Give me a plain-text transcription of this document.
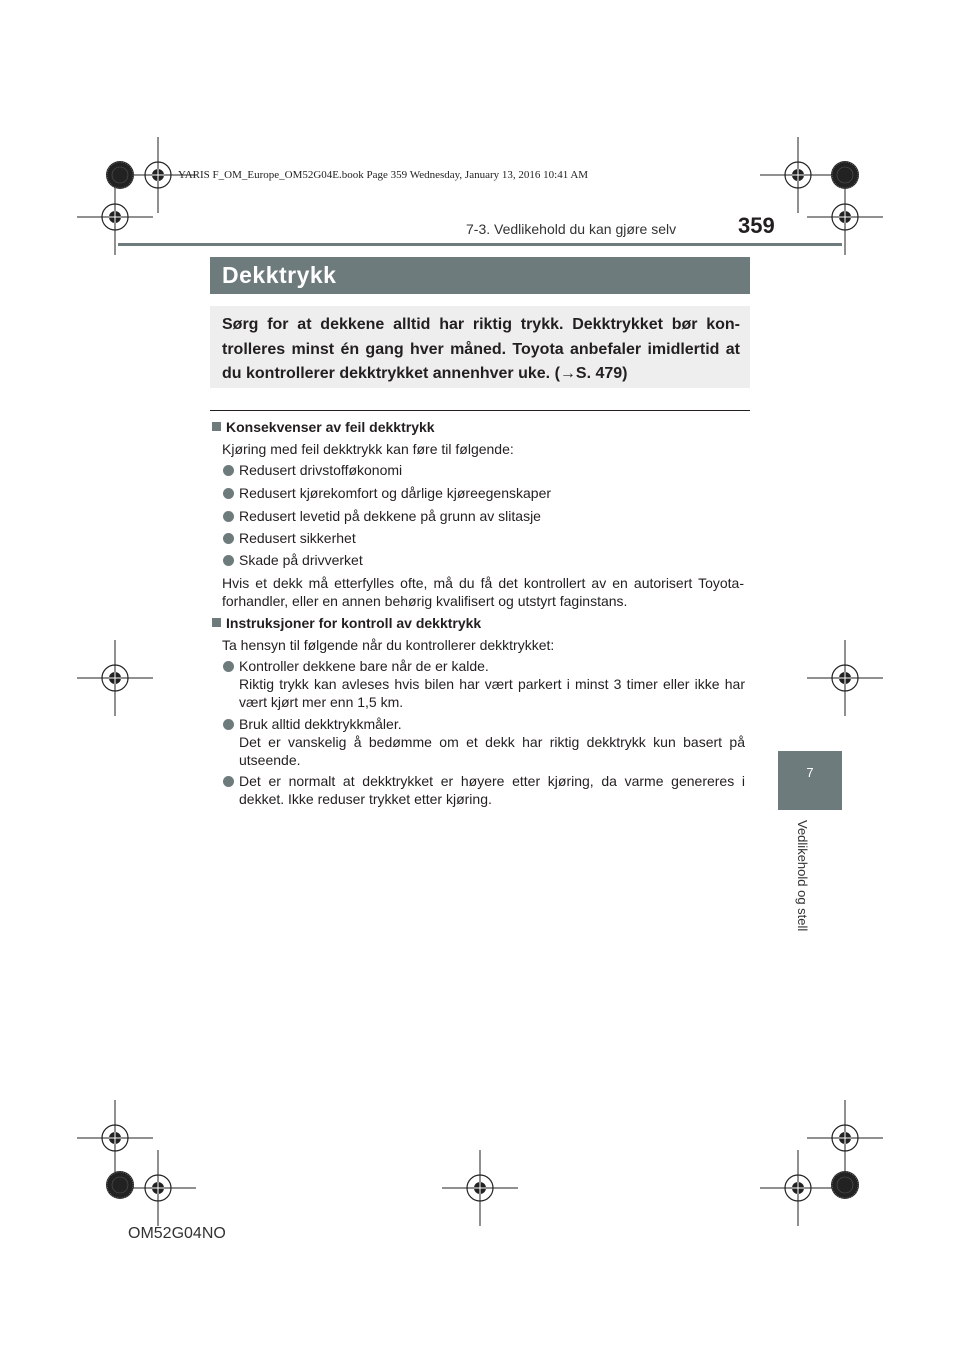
YARIS F_OM_Europe_OM52G04E.book Page 359 Wednesday, January 13, 2016 10:41 AM
7-3. Vedlikehold du kan gjøre selv	359
Dekktrykk
Sørg for at dekkene alltid har riktig trykk. Dekktrykket bør kon-trolleres minst én gang hver måned. Toyota anbefaler imidlertid at du kontrollerer dekktrykket annenhver uke. (→S. 479)
Konsekvenser av feil dekktrykk
Kjøring med feil dekktrykk kan føre til følgende:
Redusert drivstofføkonomi
Redusert kjørekomfort og dårlige kjøreegenskaper
Redusert levetid på dekkene på grunn av slitasje
Redusert sikkerhet
Skade på drivverket
Hvis et dekk må etterfylles ofte, må du få det kontrollert av en autorisert Toyota-forhandler, eller en annen behørig kvalifisert og utstyrt faginstans.
Instruksjoner for kontroll av dekktrykk
Ta hensyn til følgende når du kontrollerer dekktrykket:
Kontroller dekkene bare når de er kalde.
Riktig trykk kan avleses hvis bilen har vært parkert i minst 3 timer eller ikke har vært kjørt mer enn 1,5 km.
Bruk alltid dekktrykkmåler.
Det er vanskelig å bedømme om et dekk har riktig dekktrykk kun basert på utseende.
Det er normalt at dekktrykket er høyere etter kjøring, da varme genereres i dekket. Ikke reduser trykket etter kjøring.
7
Vedlikehold og stell
OM52G04NO
